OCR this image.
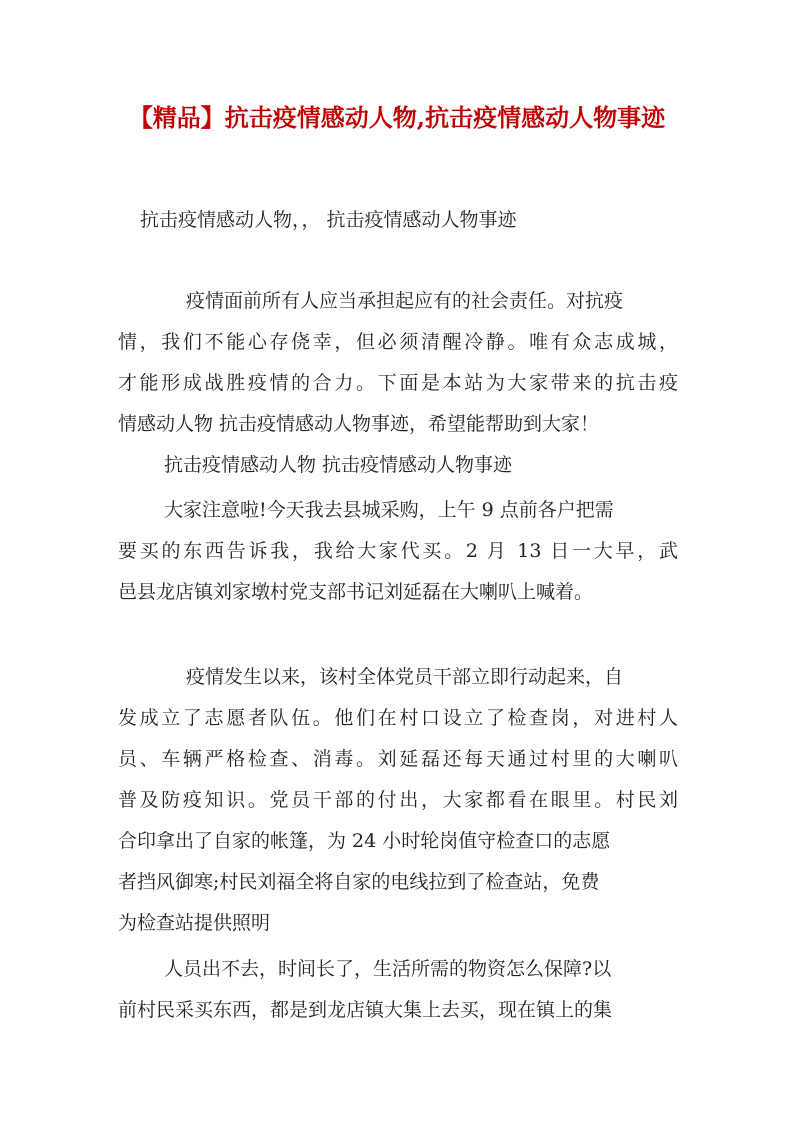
【精品】抗击疫情感动人物,抗击疫情感动人物事迹
抗击疫情感动人物，， 抗击疫情感动人物事迹
疫情面前所有人应当承担起应有的社会责任。对抗疫
情，我们不能心存侥幸，但必须清醒冷静。唯有众志成城，
才能形成战胜疫情的合力。下面是本站为大家带来的抗击疫
情感动人物 抗击疫情感动人物事迹，希望能帮助到大家！
抗击疫情感动人物 抗击疫情感动人物事迹
大家注意啦!今天我去县城采购，上午 9 点前各户把需
要买的东西告诉我，我给大家代买。2 月 13 日一大早，武
邑县龙店镇刘家墩村党支部书记刘延磊在大喇叭上喊着。
疫情发生以来，该村全体党员干部立即行动起来，自
发成立了志愿者队伍。他们在村口设立了检查岗，对进村人
员、车辆严格检查、消毒。刘延磊还每天通过村里的大喇叭
普及防疫知识。党员干部的付出，大家都看在眼里。村民刘
合印拿出了自家的帐篷，为 24 小时轮岗值守检查口的志愿
者挡风御寒;村民刘福全将自家的电线拉到了检查站，免费
为检查站提供照明
人员出不去，时间长了，生活所需的物资怎么保障?以
前村民采买东西，都是到龙店镇大集上去买，现在镇上的集
